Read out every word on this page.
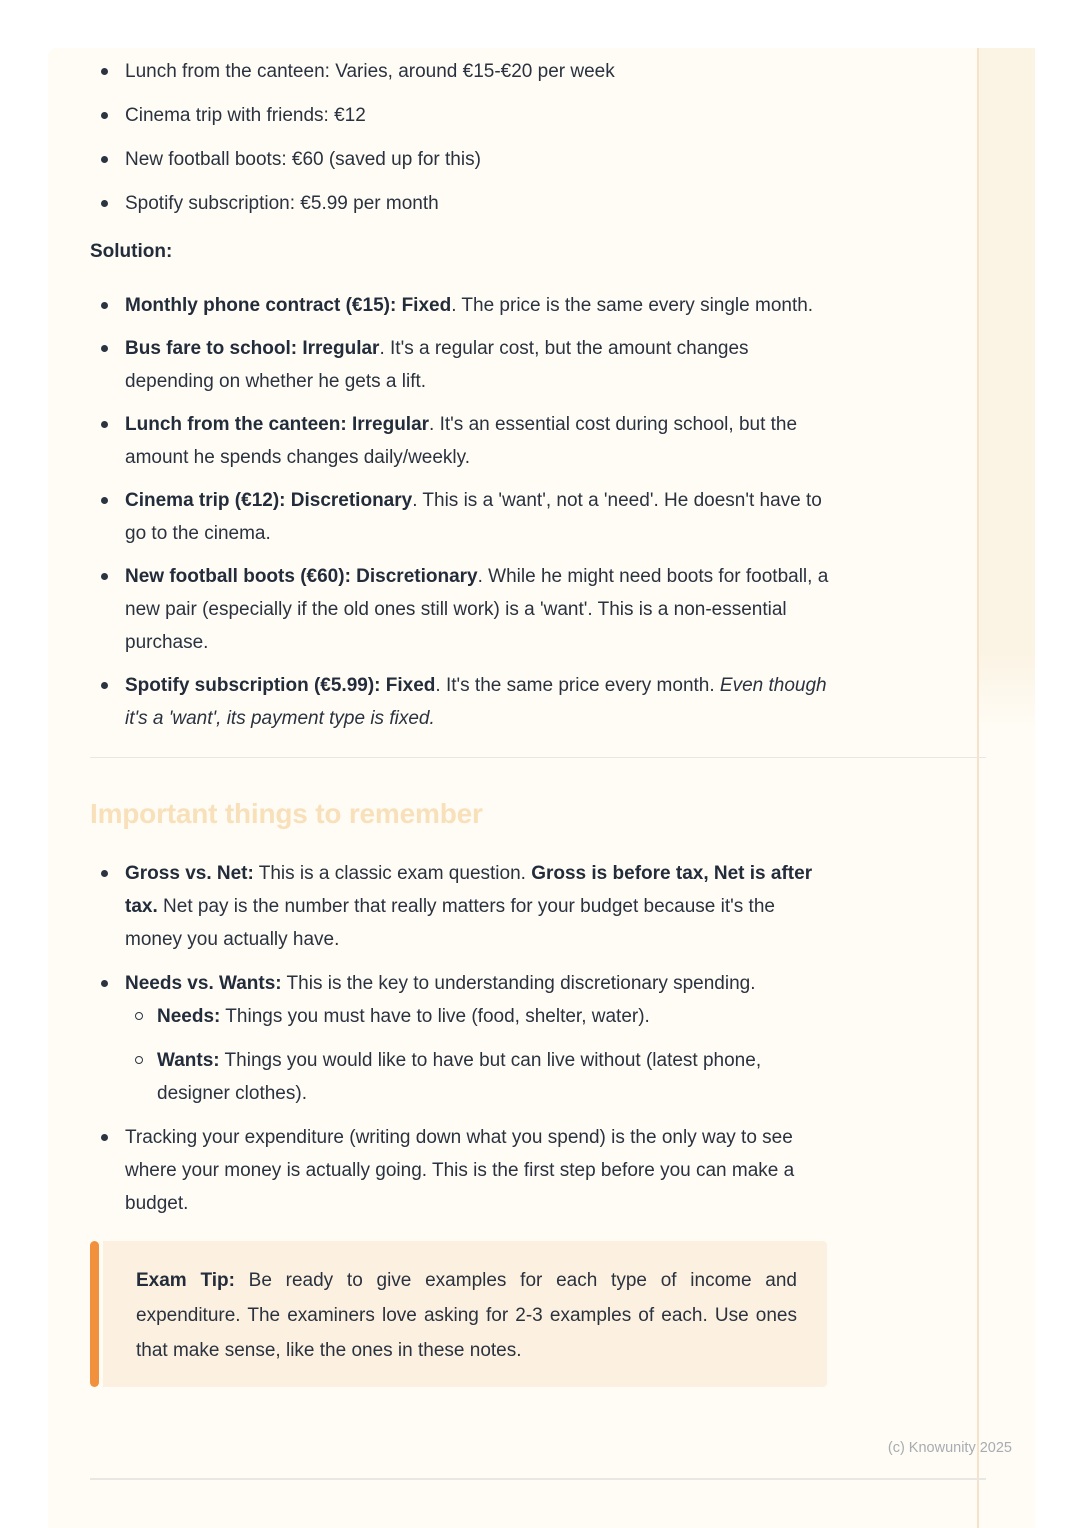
Lunch from the canteen: Varies, around €15-€20 per week
Cinema trip with friends: €12
New football boots: €60 (saved up for this)
Spotify subscription: €5.99 per month

Solution:

Monthly phone contract (€15): Fixed. The price is the same every single month.
Bus fare to school: Irregular. It's a regular cost, but the amount changes depending on whether he gets a lift.
Lunch from the canteen: Irregular. It's an essential cost during school, but the amount he spends changes daily/weekly.
Cinema trip (€12): Discretionary. This is a 'want', not a 'need'. He doesn't have to go to the cinema.
New football boots (€60): Discretionary. While he might need boots for football, a new pair (especially if the old ones still work) is a 'want'. This is a non-essential purchase.
Spotify subscription (€5.99): Fixed. It's the same price every month. Even though it's a 'want', its payment type is fixed.
Important things to remember
Gross vs. Net: This is a classic exam question. Gross is before tax, Net is after tax. Net pay is the number that really matters for your budget because it's the money you actually have.
Needs vs. Wants: This is the key to understanding discretionary spending.
Needs: Things you must have to live (food, shelter, water).
Wants: Things you would like to have but can live without (latest phone, designer clothes).
Tracking your expenditure (writing down what you spend) is the only way to see where your money is actually going. This is the first step before you can make a budget.

Exam Tip: Be ready to give examples for each type of income and expenditure. The examiners love asking for 2-3 examples of each. Use ones that make sense, like the ones in these notes.

(c) Knowunity 2025
